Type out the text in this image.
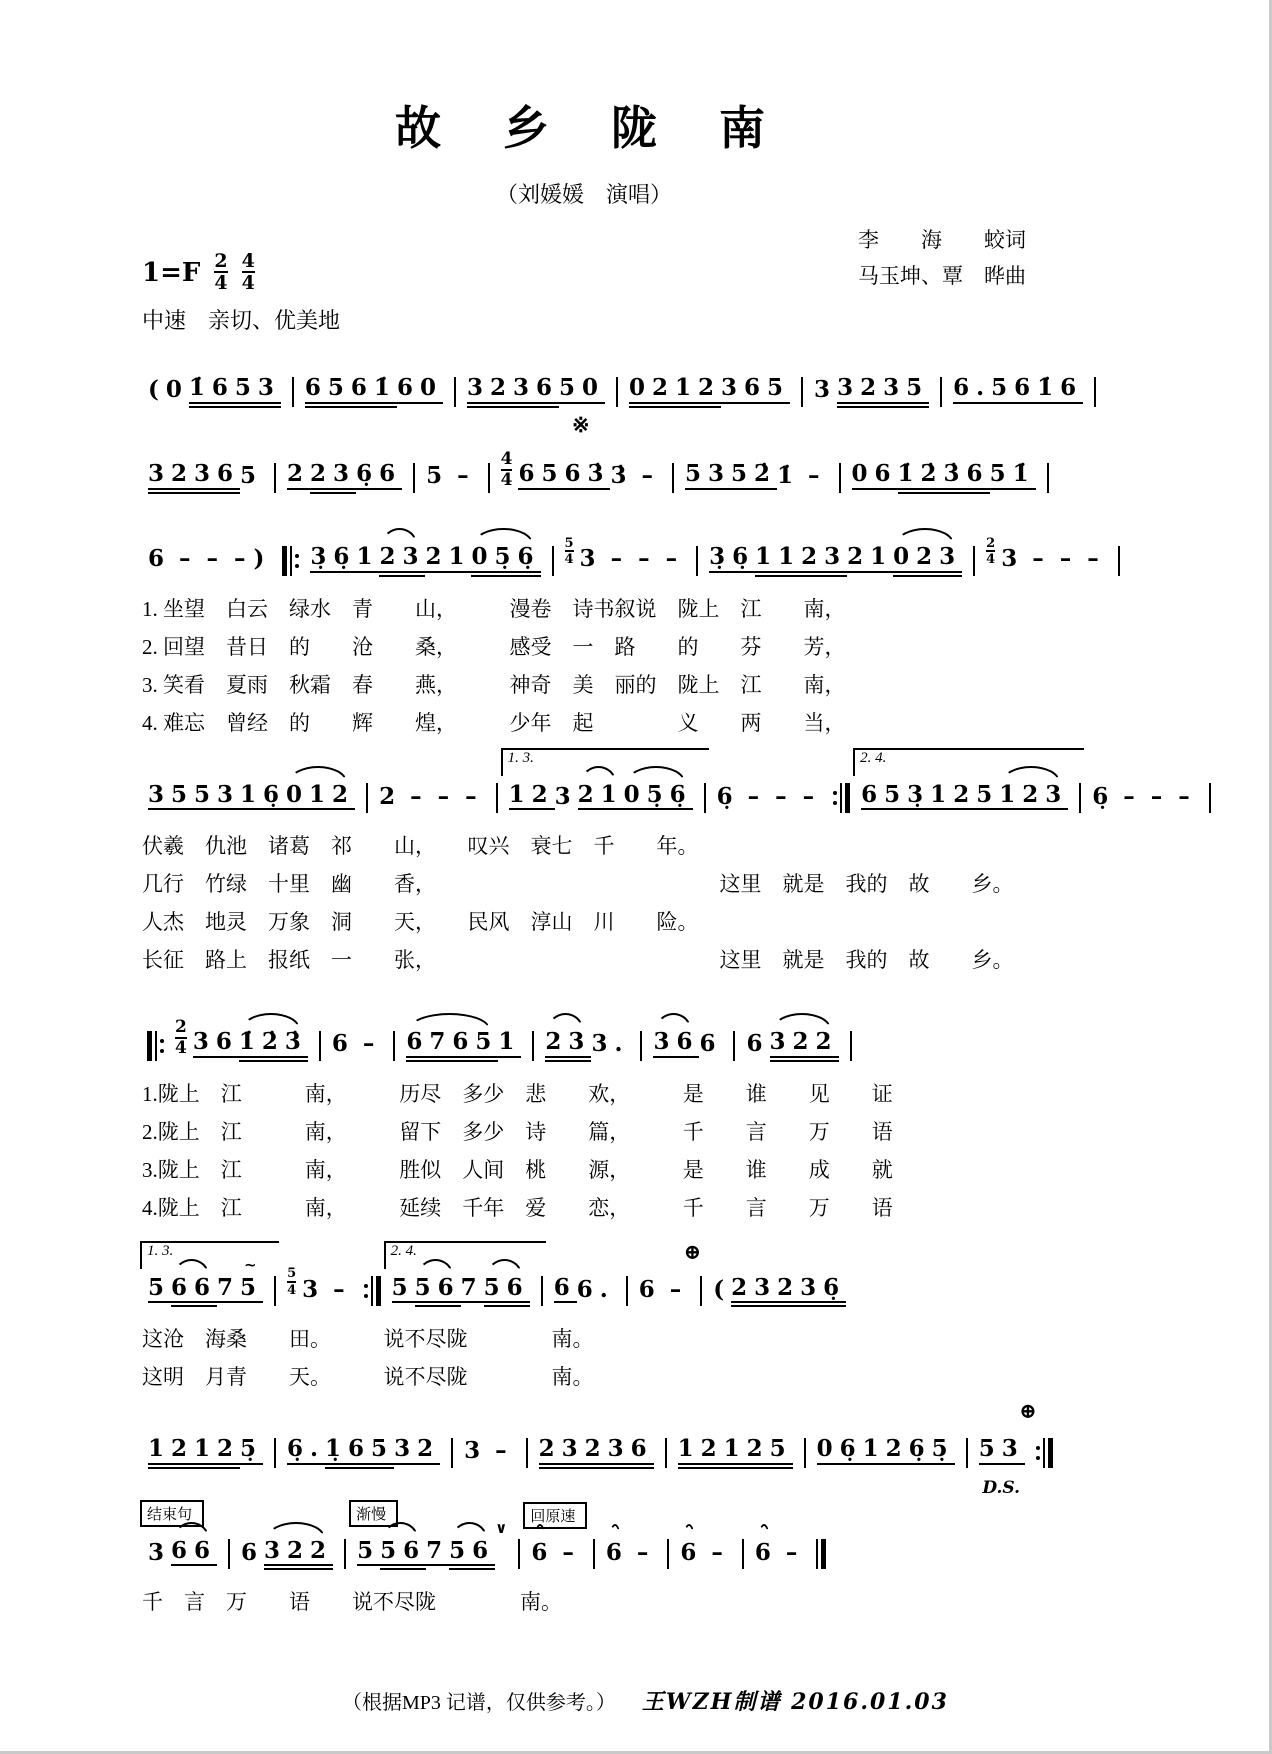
故　乡　陇　南
（刘媛媛　演唱）
$1=F \frac{2}{4} \frac{4}{4}$
李　　海　　蛟词
马玉坤、覃　晔曲
中速　亲切、优美地
( 0 1̇653 6561̇ 6 0 3236 5 0 0212 365 3 3235 6. 561̇6
3236 5 2 23 6̣6 5 –
※
4
4 65 63̇ 3̇ –	53 52̇ 1̇ –	06 1̇2̇3̇6 51̇
6 – – – ) 3̣ 6̣ 1 23 21 05̣6̣
5
4 3 – – –	3̣ 6̣ 1123 21 023
2
4 3 – – –
1. 坐望　白云　绿水　青　　山，　　　漫卷　诗书叙说　陇上　江　　南，
2. 回望　昔日　的　　沧　　桑，　　　感受　一　路　　的　　芬　　芳，
3. 笑看　夏雨　秋霜　春　　燕，　　　神奇　美　丽的　陇上　江　　南，
4. 难忘　曾经　的　　辉　　煌，　　　少年　起　　　　义　　两　　当，
35 53 16̣ 012 2 – – –
1. 3.
12 3 21 05̣6̣ 6̣ – – –
2. 4.
65 3̣1 25 123 6̣ – – –
伏羲　仇池　诸葛　祁　　山，　　叹兴　衰七　千　　年。
几行　竹绿　十里　幽　　香，　　　　　　　　　　　　　　这里　就是　我的　故　　乡。
人杰　地灵　万象　洞　　天，　　民风　淳山　川　　险。
长征　路上　报纸　一　　张，　　　　　　　　　　　　　　这里　就是　我的　故　　乡。
2
4 36 1̇2̇3̇ 6 –	6765 1 23 3. 36 6 6 322
1.陇上　江　　　南，　　　历尽　多少　悲　　欢，　　　是　　谁　　见　　证
2.陇上　江　　　南，　　　留下　多少　诗　　篇，　　　千　　言　　万　　语
3.陇上　江　　　南，　　　胜似　人间　桃　　源，　　　是　　谁　　成　　就
4.陇上　江　　　南，　　　延续　千年　爱　　恋，　　　千　　言　　万　　语
1. 3.
5 66 7 5
~ 5
4 3 –
2. 4.
5 56 7 56 6 6.
⊕
6 –	( 23236̣
这沧　海桑　　田。　　　说不尽陇　　　　南。
这明　月青　　天。　　　说不尽陇　　　　南。
1212 5̣ 6̣. 1̣65 32 3 –	23236 12125 06̣1 26̣5̣
⊕
5 3
D.S.
结束句
3 66 6 322
渐慢
5 56 7 56
∨
回原速
6 –	6 –	6 –	6 –
千　言　万　　语　　说不尽陇　　　　南。
（根据MP3 记谱，仅供参考。） 王WZH制谱 2016.01.03
